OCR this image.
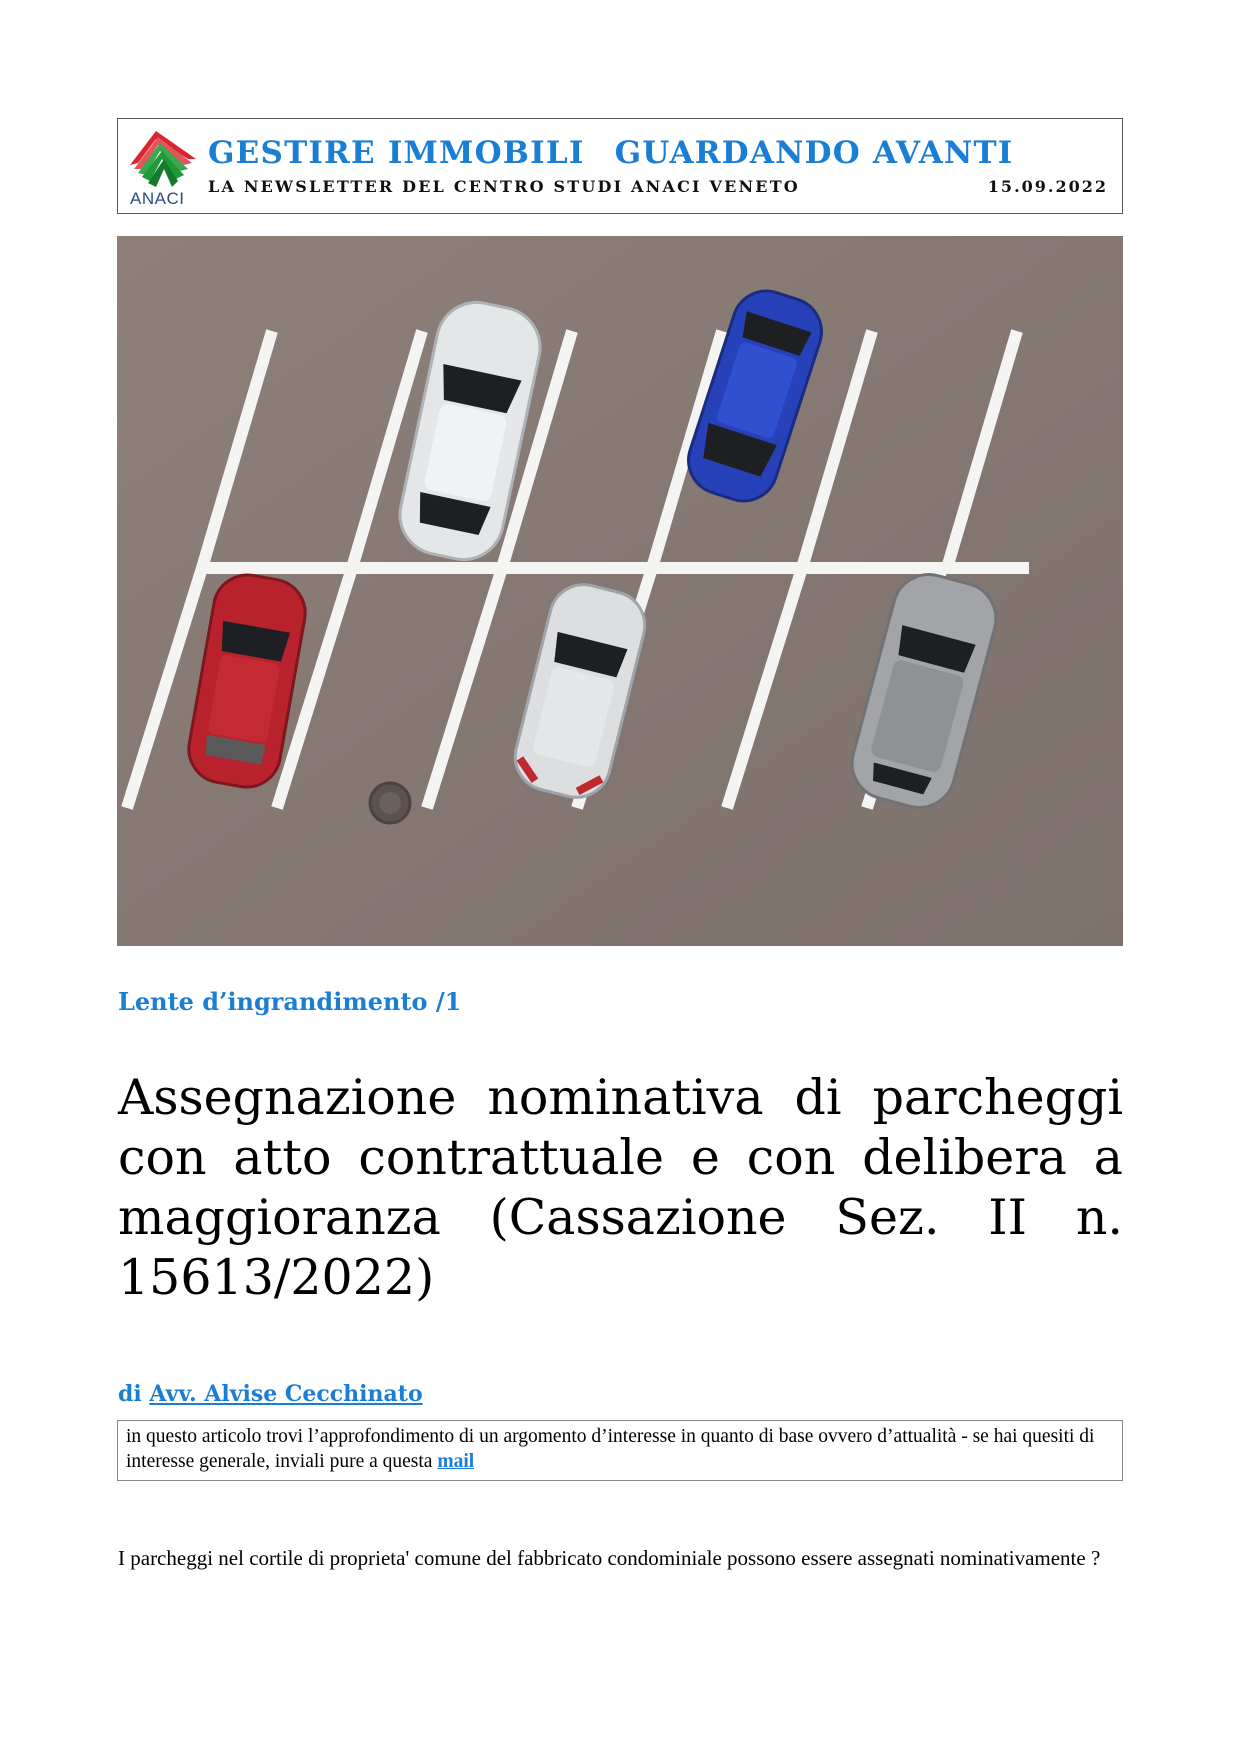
ANACI
GESTIRE IMMOBILI GUARDANDO AVANTI
LA NEWSLETTER DEL CENTRO STUDI ANACI VENETO	15.09.2022
Lente d’ingrandimento /1
Assegnazione nominativa di parcheggi con atto contrattuale e con delibera a maggioranza (Cassazione Sez. II n. 15613/2022)
di Avv. Alvise Cecchinato
in questo articolo trovi l’approfondimento di un argomento d’interesse in quanto di base ovvero d’attualità - se hai quesiti di interesse generale, inviali pure a questa mail

I parcheggi nel cortile di proprieta' comune del fabbricato condominiale possono essere assegnati nominativamente ?
